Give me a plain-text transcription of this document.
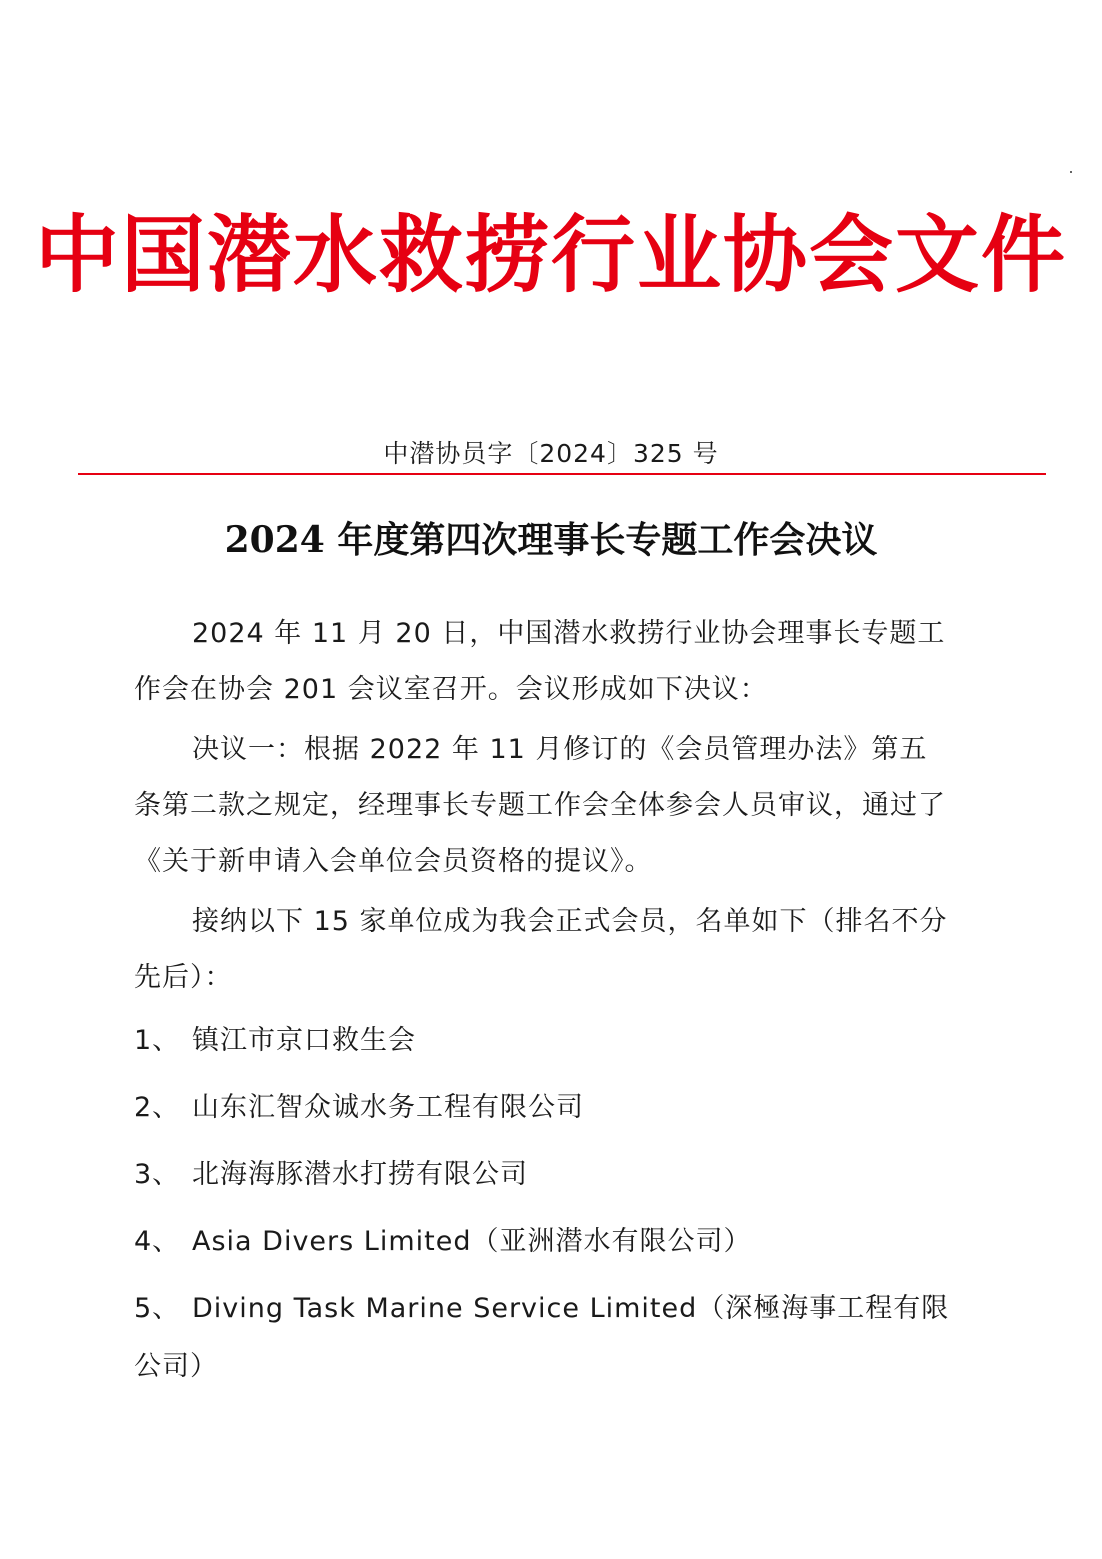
中国潜水救捞行业协会文件
中潜协员字〔2024〕325 号
2024 年度第四次理事长专题工作会决议
2024 年 11 月 20 日，中国潜水救捞行业协会理事长专题工作会在协会 201 会议室召开。会议形成如下决议：
决议一：根据 2022 年 11 月修订的《会员管理办法》第五条第二款之规定，经理事长专题工作会全体参会人员审议，通过了《关于新申请入会单位会员资格的提议》。
接纳以下 15 家单位成为我会正式会员，名单如下（排名不分先后）：
1、 镇江市京口救生会
2、 山东汇智众诚水务工程有限公司
3、 北海海豚潜水打捞有限公司
4、 Asia Divers Limited（亚洲潜水有限公司）
5、 Diving Task Marine Service Limited（深極海事工程有限公司）
